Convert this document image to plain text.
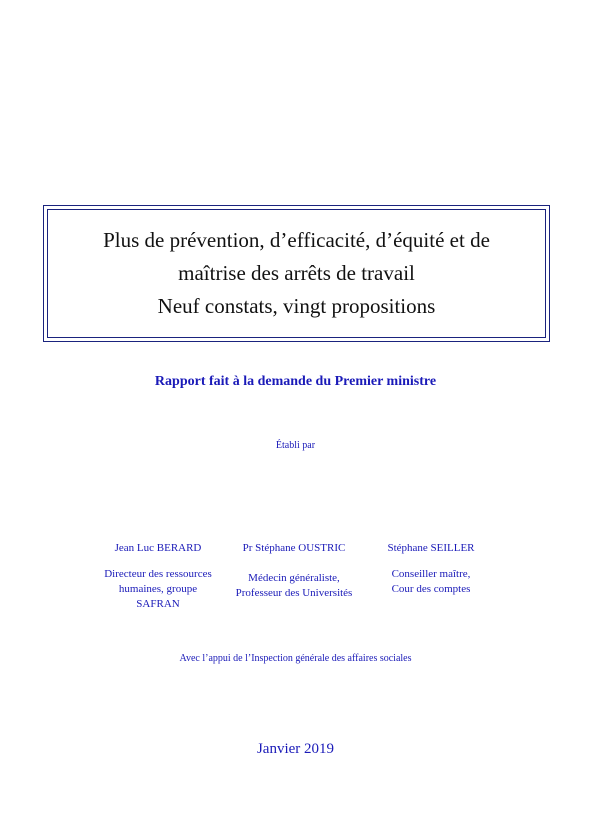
Plus de prévention, d’efficacité, d’équité et de
maîtrise des arrêts de travail
Neuf constats, vingt propositions
Rapport fait à la demande du Premier ministre
Établi par
Jean Luc BERARD
Directeur des ressources
humaines, groupe
SAFRAN
Pr Stéphane OUSTRIC
Médecin généraliste,
Professeur des Universités
Stéphane SEILLER
Conseiller maître,
Cour des comptes
Avec l’appui de l’Inspection générale des affaires sociales
Janvier 2019
